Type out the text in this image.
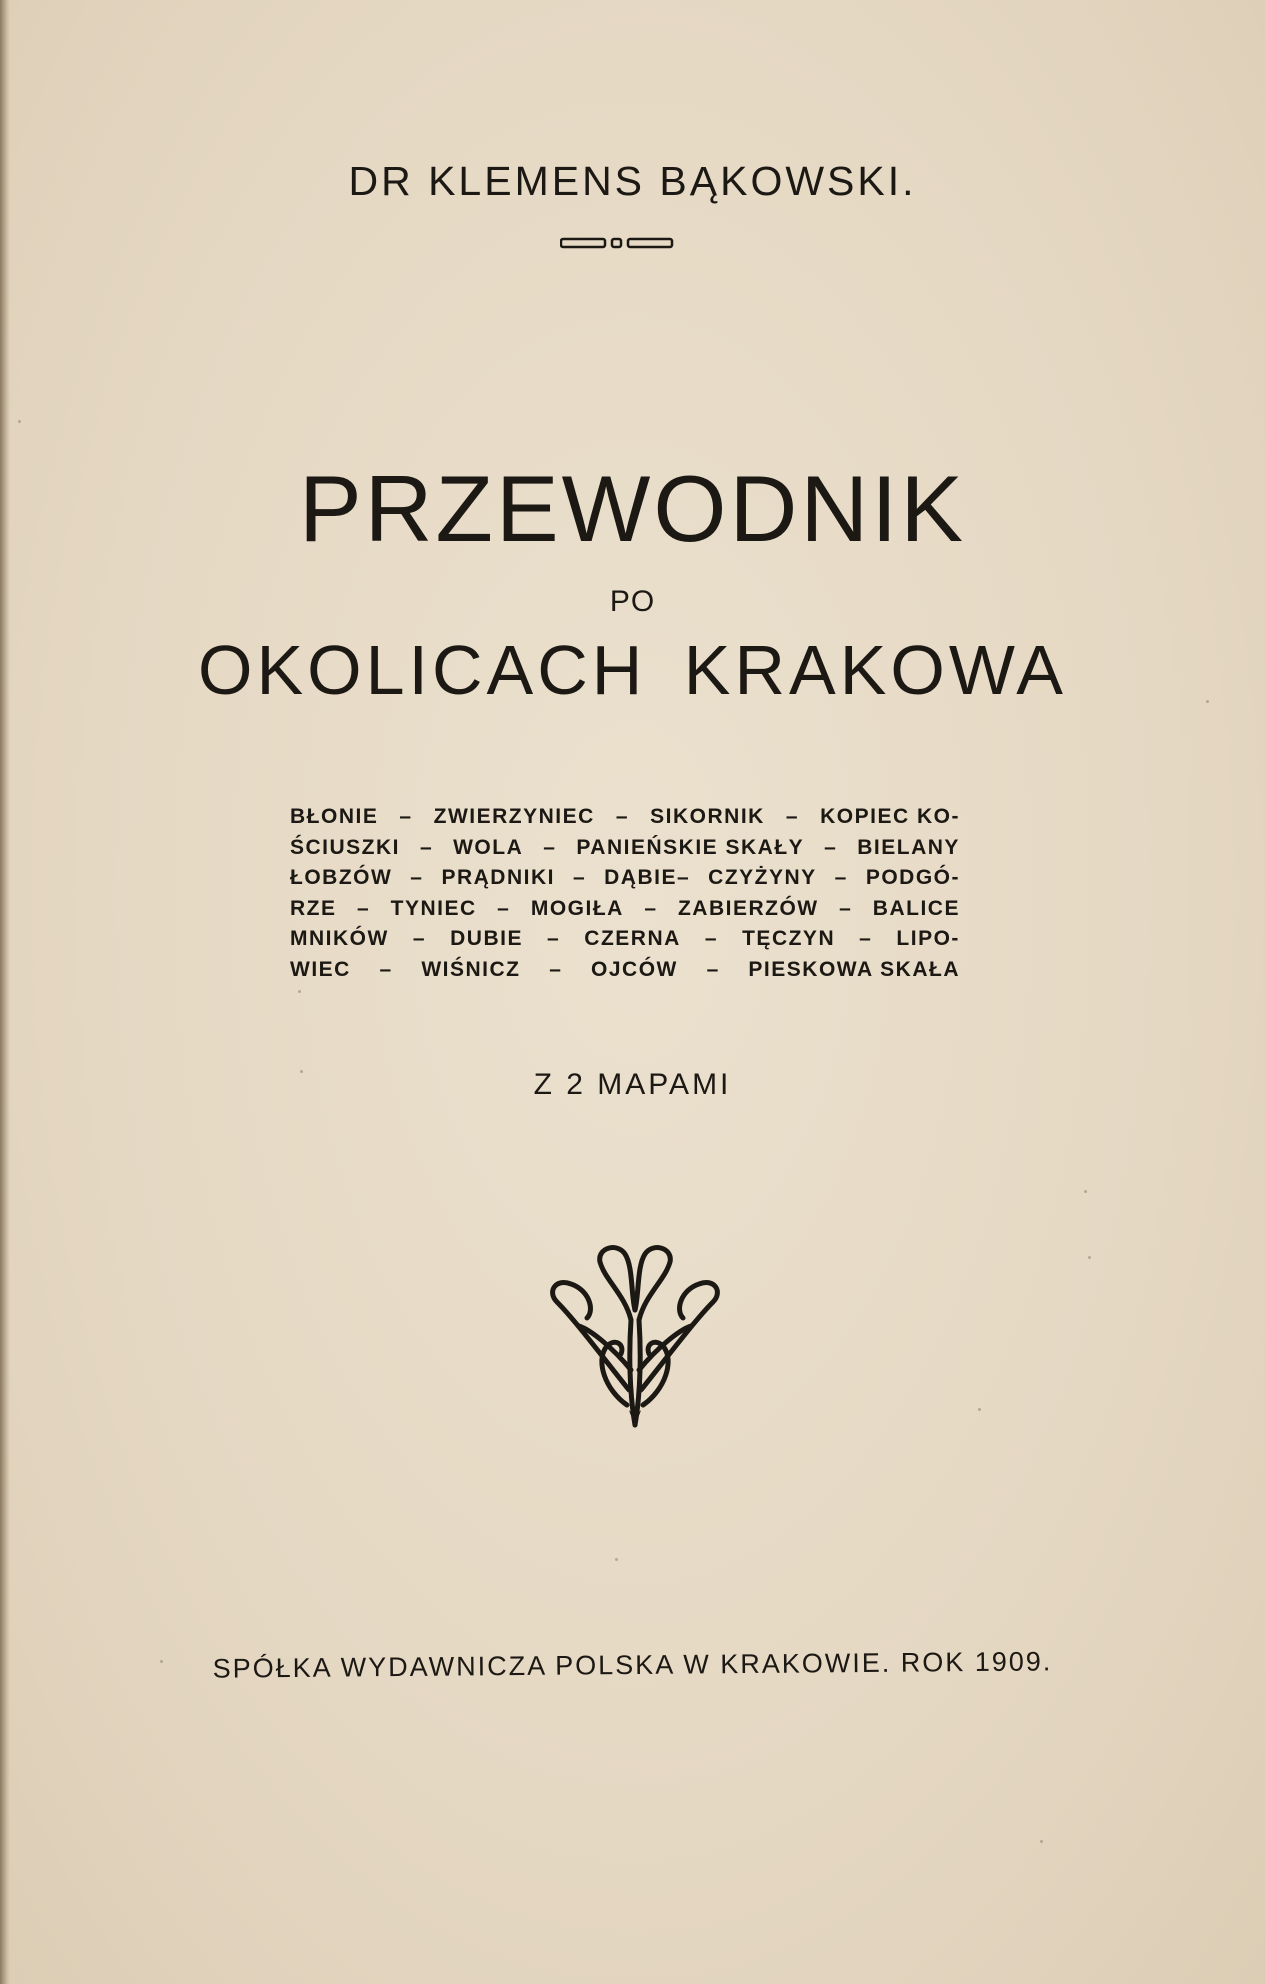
DR KLEMENS BĄKOWSKI.
PRZEWODNIK
PO
OKOLICACH KRAKOWA
BŁONIE – ZWIERZYNIEC – SIKORNIK – KOPIEC KO-
ŚCIUSZKI – WOLA – PANIEŃSKIE SKAŁY – BIELANY
ŁOBZÓW – PRĄDNIKI – DĄBIE– CZYŻYNY – PODGÓ-
RZE – TYNIEC – MOGIŁA – ZABIERZÓW – BALICE
MNIKÓW – DUBIE – CZERNA – TĘCZYN – LIPO-
WIEC – WIŚNICZ – OJCÓW – PIESKOWA SKAŁA
Z 2 MAPAMI
SPÓŁKA WYDAWNICZA POLSKA W KRAKOWIE. ROK 1909.
